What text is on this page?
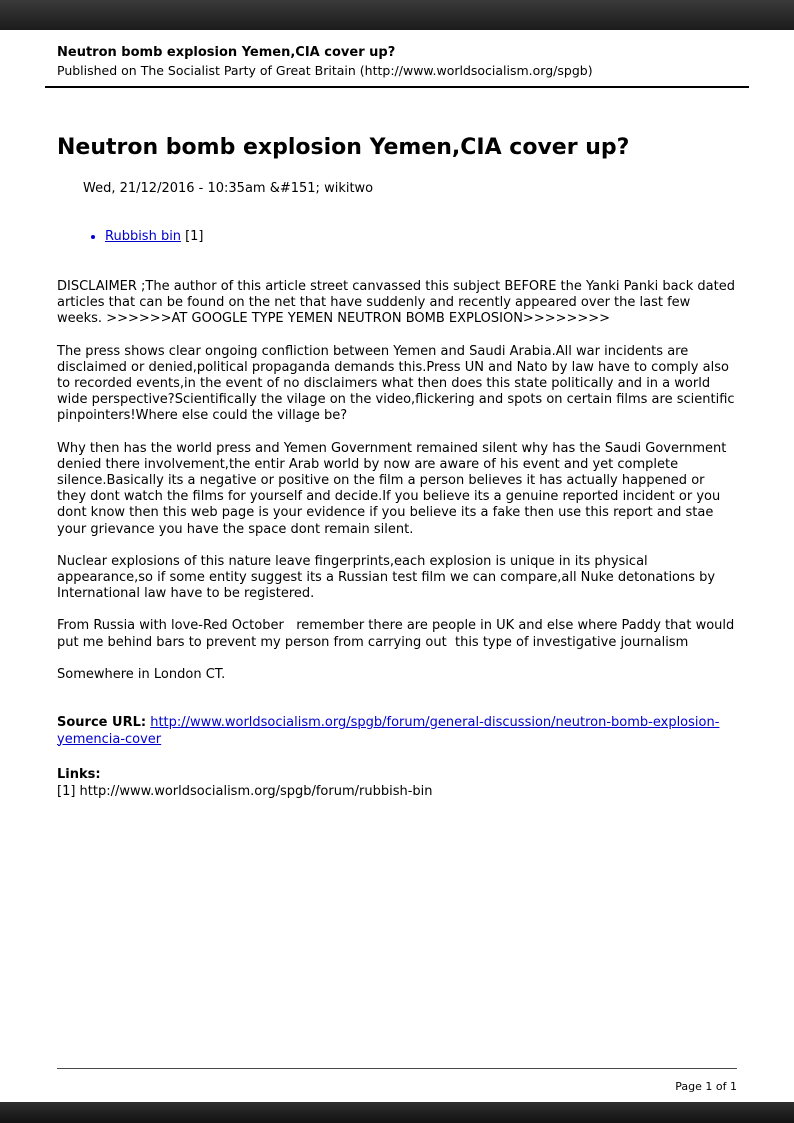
Neutron bomb explosion Yemen,CIA cover up?

Published on The Socialist Party of Great Britain (http://www.worldsocialism.org/spgb)

Neutron bomb explosion Yemen,CIA cover up?

Wed, 21/12/2016 - 10:35am &#151; wikitwo

• Rubbish bin [1]

DISCLAIMER ;The author of this article street canvassed this subject BEFORE the Yanki Panki back dated articles that can be found on the net that have suddenly and recently appeared over the last few weeks. >>>>>>AT GOOGLE TYPE YEMEN NEUTRON BOMB EXPLOSION>>>>>>>>

The press shows clear ongoing confliction between Yemen and Saudi Arabia.All war incidents are disclaimed or denied,political propaganda demands this.Press UN and Nato by law have to comply also to recorded events,in the event of no disclaimers what then does this state politically and in a world wide perspective?Scientifically the vilage on the video,flickering and spots on certain films are scientific pinpointers!Where else could the village be?

Why then has the world press and Yemen Government remained silent why has the Saudi Government denied there involvement,the entir Arab world by now are aware of his event and yet complete silence.Basically its a negative or positive on the film a person believes it has actually happened or they dont watch the films for yourself and decide.If you believe its a genuine reported incident or you dont know then this web page is your evidence if you believe its a fake then use this report and stae your grievance you have the space dont remain silent.

Nuclear explosions of this nature leave fingerprints,each explosion is unique in its physical appearance,so if some entity suggest its a Russian test film we can compare,all Nuke detonations by International law have to be registered.

From Russia with love-Red October   remember there are people in UK and else where Paddy that would put me behind bars to prevent my person from carrying out  this type of investigative journalism

Somewhere in London CT.

Source URL: http://www.worldsocialism.org/spgb/forum/general-discussion/neutron-bomb-explosion-yemencia-cover

Links:

[1] http://www.worldsocialism.org/spgb/forum/rubbish-bin

Page 1 of 1
